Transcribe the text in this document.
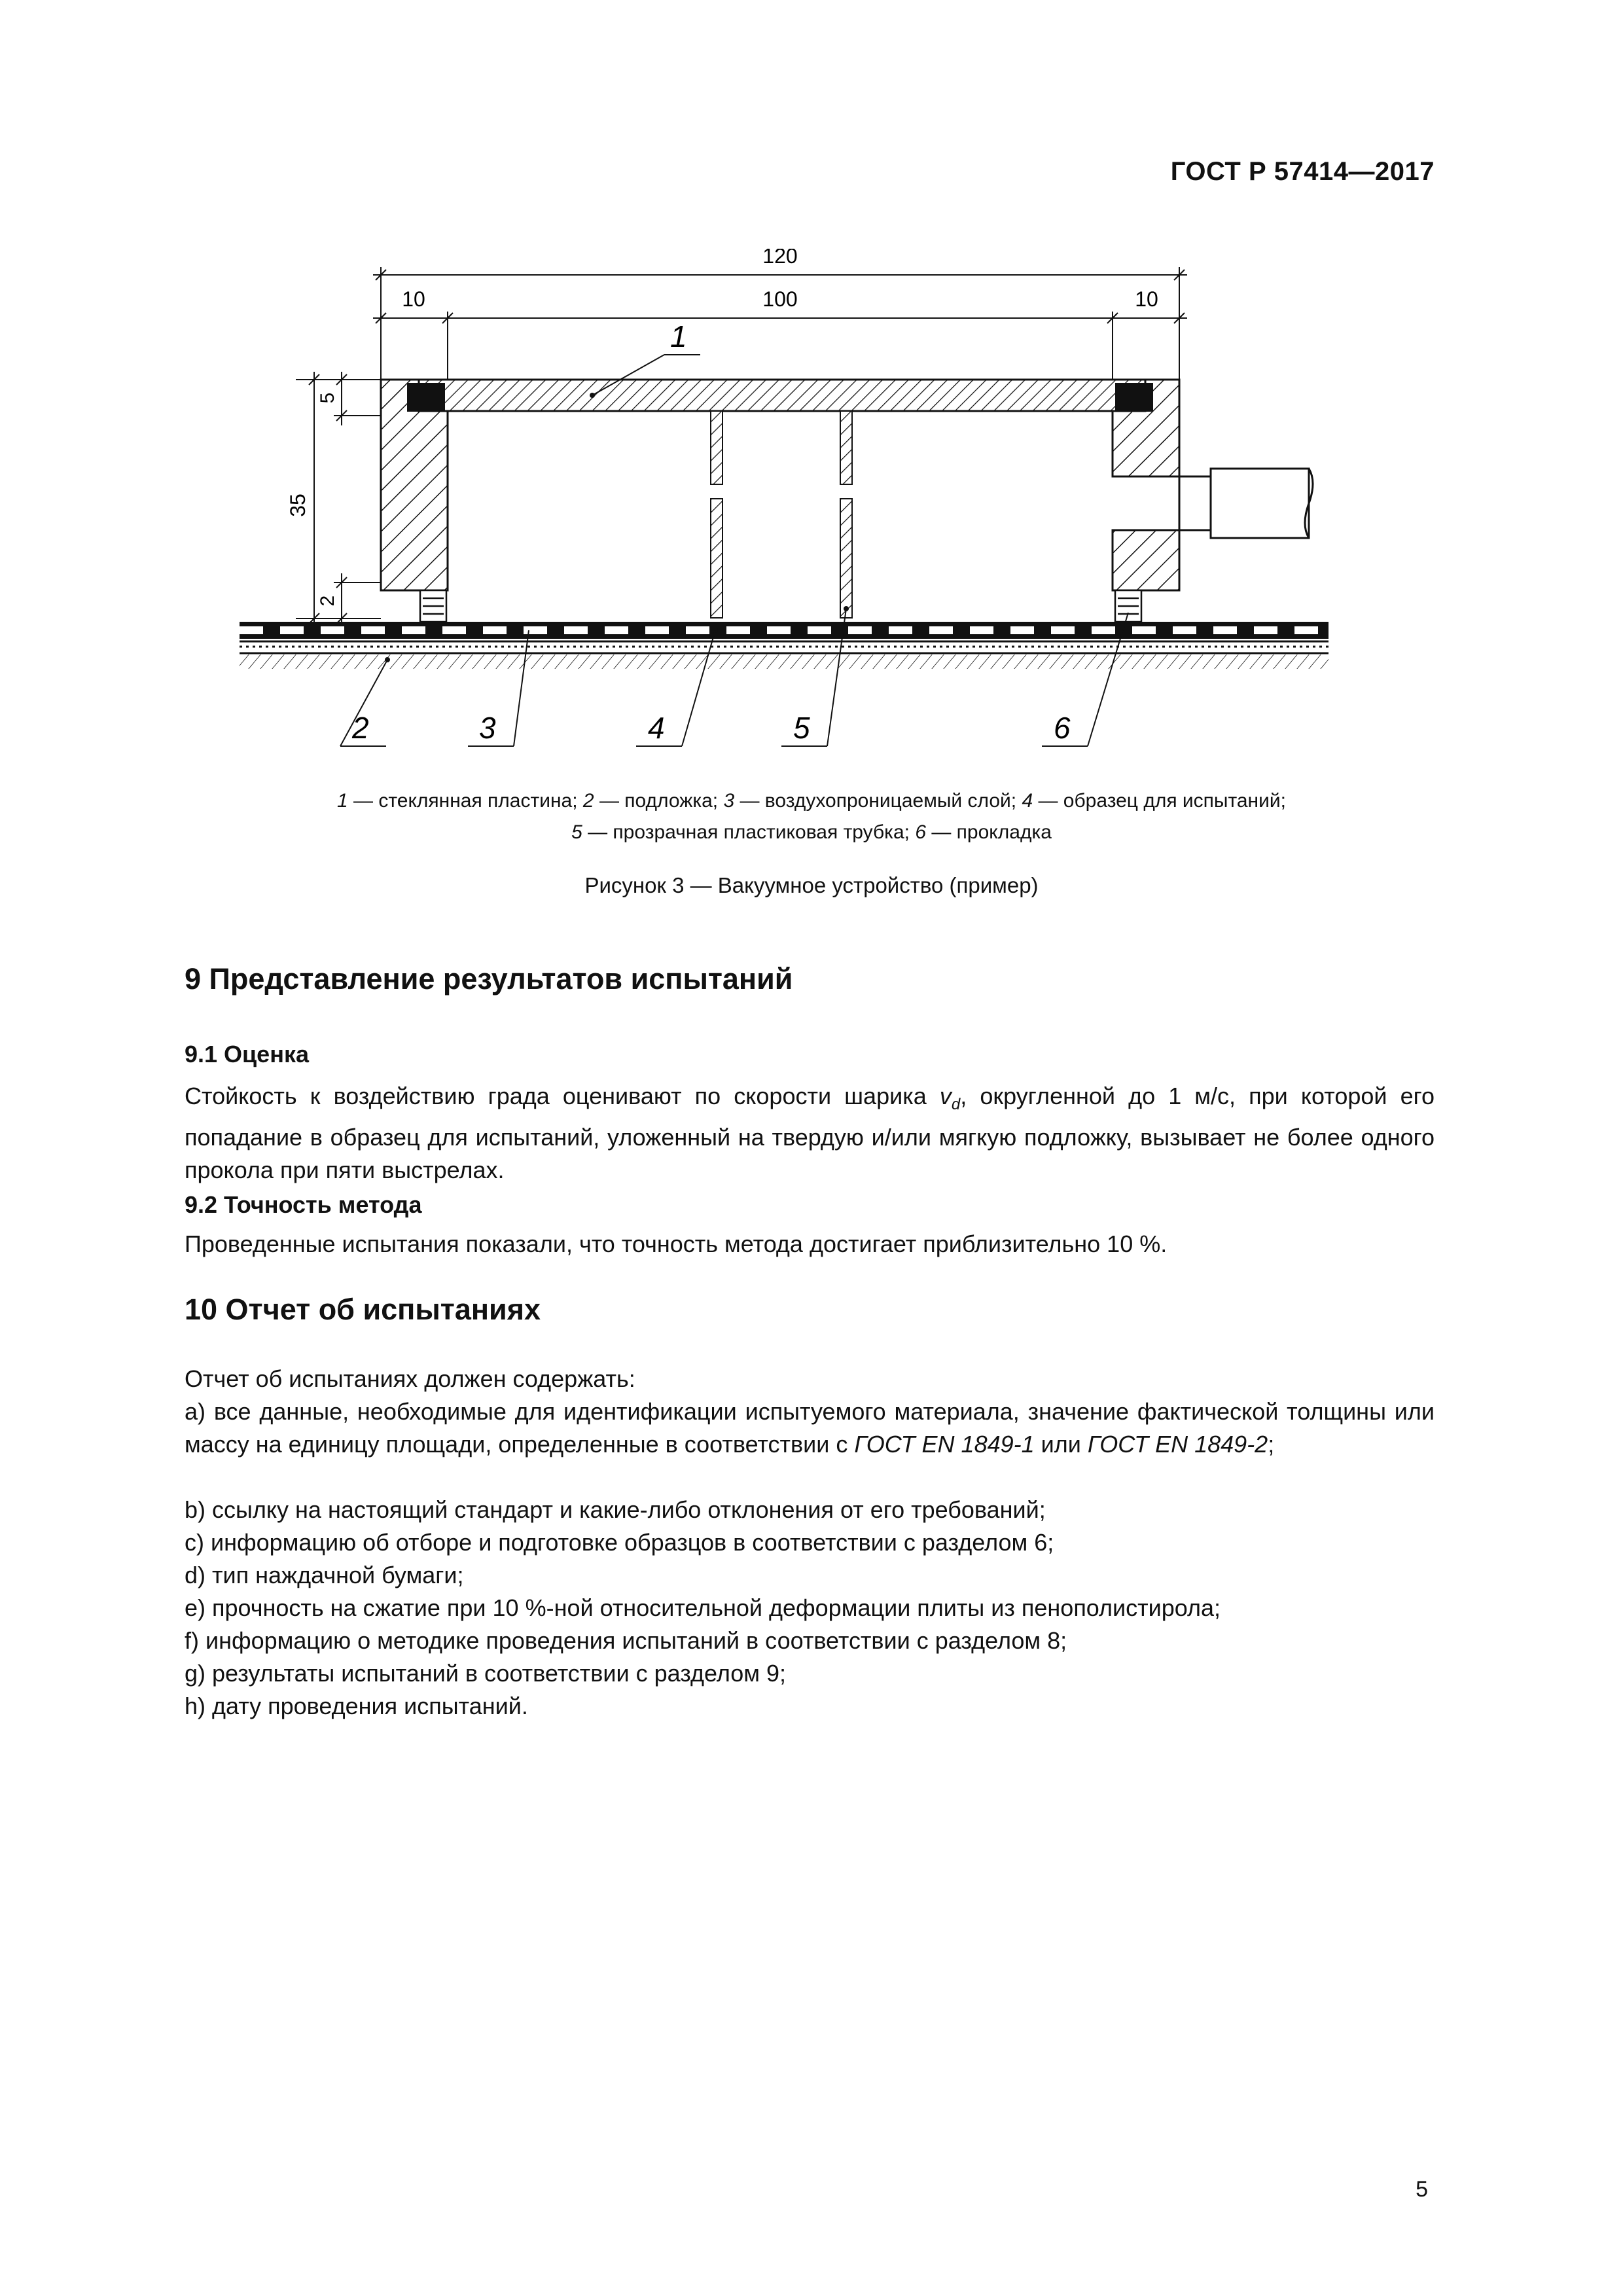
ГОСТ Р 57414—2017
120
10	100	10
35
5
2
1
2	3	4	5	6
1 — стеклянная пластина; 2 — подложка; 3 — воздухопроницаемый слой; 4 — образец для испытаний;
5 — прозрачная пластиковая трубка; 6 — прокладка
Рисунок 3 — Вакуумное устройство (пример)
9 Представление результатов испытаний
9.1 Оценка
Стойкость к воздействию града оценивают по скорости шарика $v_d$, округленной до 1 м/с, при которой его попадание в образец для испытаний, уложенный на твердую и/или мягкую подложку, вызывает не более одного прокола при пяти выстрелах.
9.2 Точность метода
Проведенные испытания показали, что точность метода достигает приблизительно 10 %.
10 Отчет об испытаниях
Отчет об испытаниях должен содержать:
a) все данные, необходимые для идентификации испытуемого материала, значение фактической толщины или массу на единицу площади, определенные в соответствии с ГОСТ EN 1849-1 или ГОСТ EN 1849-2;
b) ссылку на настоящий стандарт и какие-либо отклонения от его требований;
c) информацию об отборе и подготовке образцов в соответствии с разделом 6;
d) тип наждачной бумаги;
e) прочность на сжатие при 10 %-ной относительной деформации плиты из пенополистирола;
f) информацию о методике проведения испытаний в соответствии с разделом 8;
g) результаты испытаний в соответствии с разделом 9;
h) дату проведения испытаний.
5
